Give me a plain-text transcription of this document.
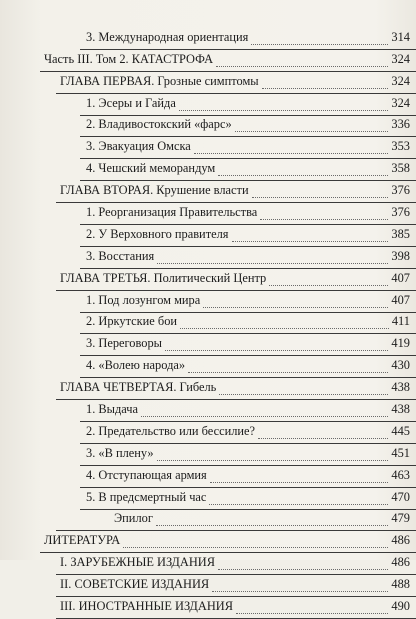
3. Международная ориентация	314
Часть III. Том 2. КАТАСТРОФА	324
ГЛАВА ПЕРВАЯ. Грозные симптомы	324
1. Эсеры и Гайда	324
2. Владивостокский «фарс»	336
3. Эвакуация Омска	353
4. Чешский меморандум	358
ГЛАВА ВТОРАЯ. Крушение власти	376
1. Реорганизация Правительства	376
2. У Верховного правителя	385
3. Восстания	398
ГЛАВА ТРЕТЬЯ. Политический Центр	407
1. Под лозунгом мира	407
2. Иркутские бои	411
3. Переговоры	419
4. «Волею народа»	430
ГЛАВА ЧЕТВЕРТАЯ. Гибель	438
1. Выдача	438
2. Предательство или бессилие?	445
3. «В плену»	451
4. Отступающая армия	463
5. В предсмертный час	470
Эпилог	479
ЛИТЕРАТУРА	486
I. ЗАРУБЕЖНЫЕ ИЗДАНИЯ	486
II. СОВЕТСКИЕ ИЗДАНИЯ	488
III. ИНОСТРАННЫЕ ИЗДАНИЯ	490
